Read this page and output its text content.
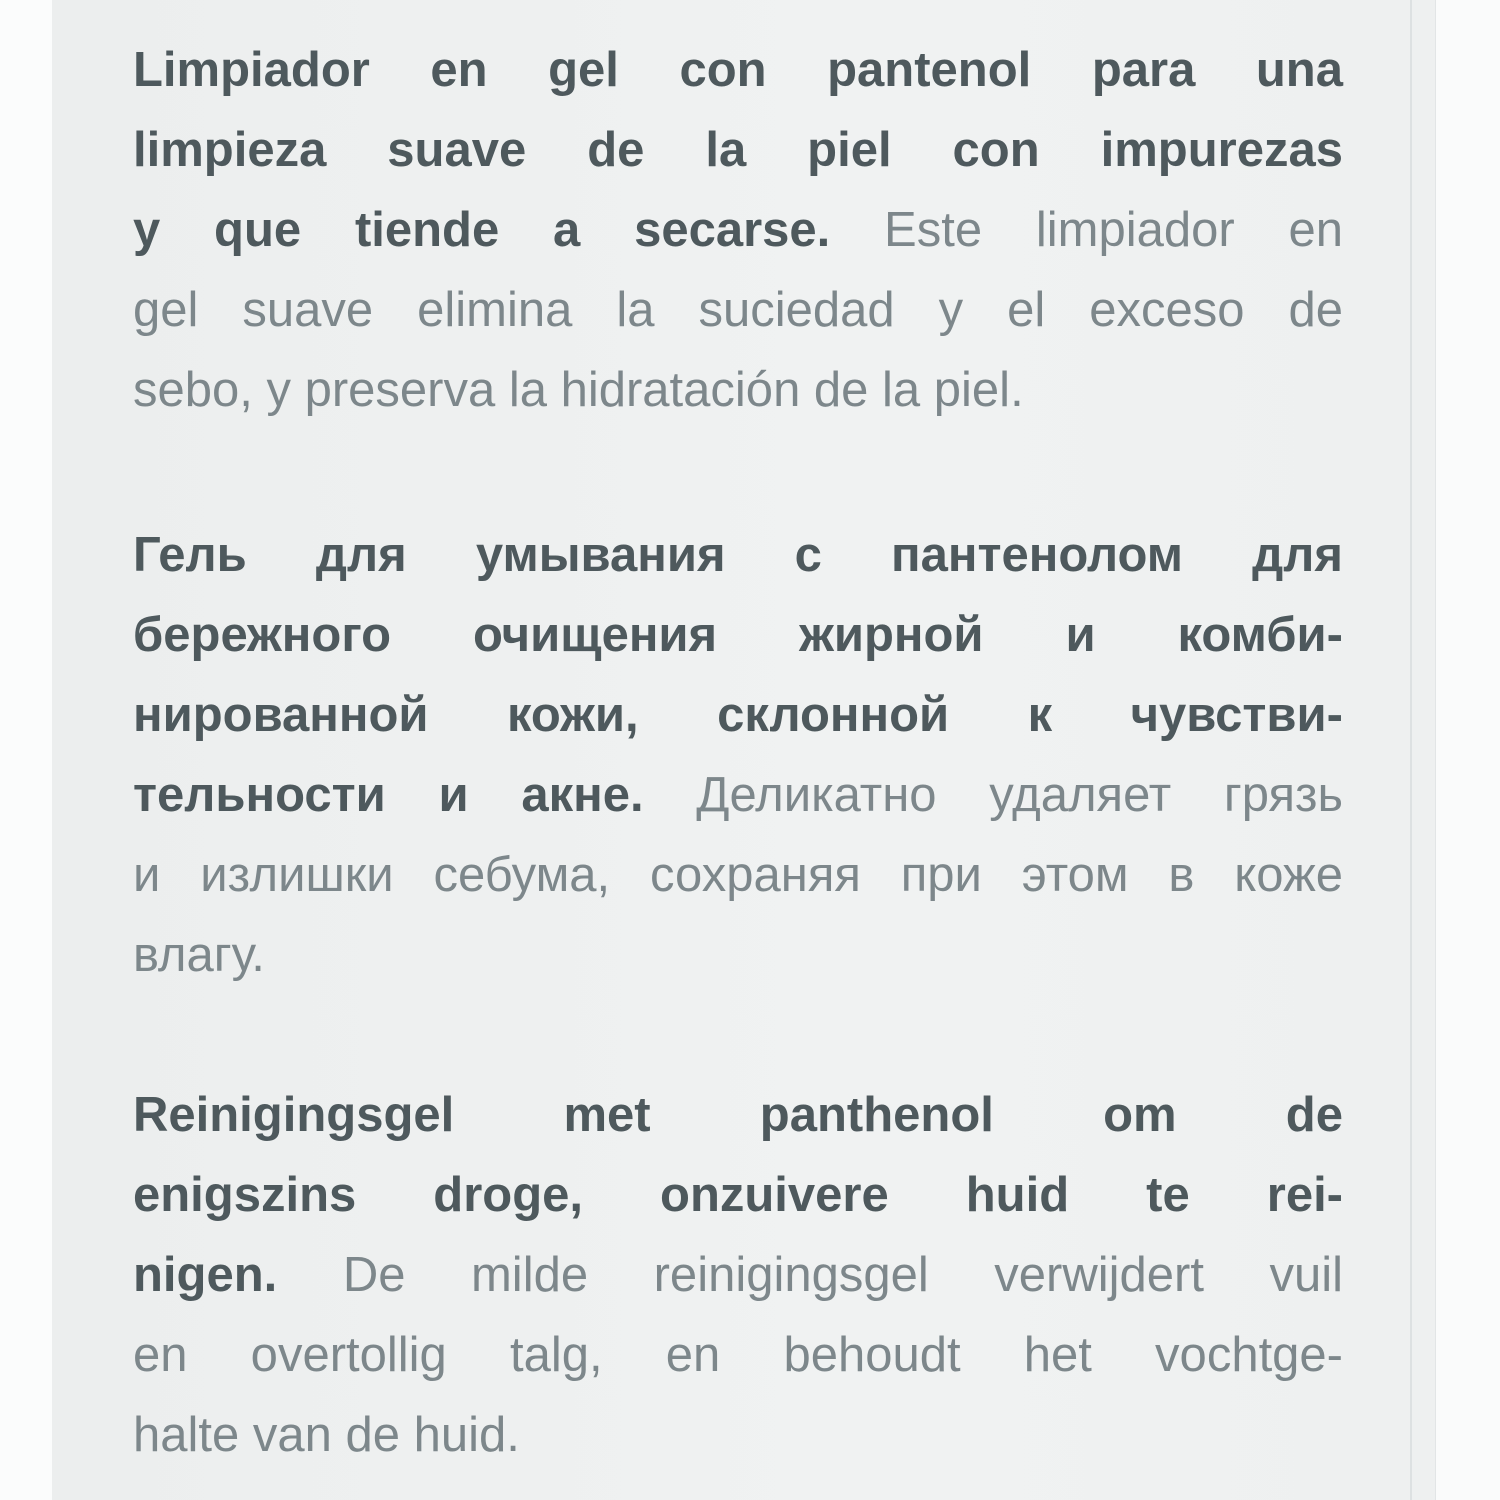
Limpiador en gel con pantenol para una
limpieza suave de la piel con impurezas
y que tiende a secarse. Este limpiador en
gel suave elimina la suciedad y el exceso de
sebo, y preserva la hidratación de la piel.
Гель для умывания с пантенолом для
бережного очищения жирной и комби-
нированной кожи, склонной к чувстви-
тельности и акне. Деликатно удаляет грязь
и излишки себума, сохраняя при этом в коже
влагу.
Reinigingsgel met panthenol om de
enigszins droge, onzuivere huid te rei-
nigen. De milde reinigingsgel verwijdert vuil
en overtollig talg, en behoudt het vochtge-
halte van de huid.
